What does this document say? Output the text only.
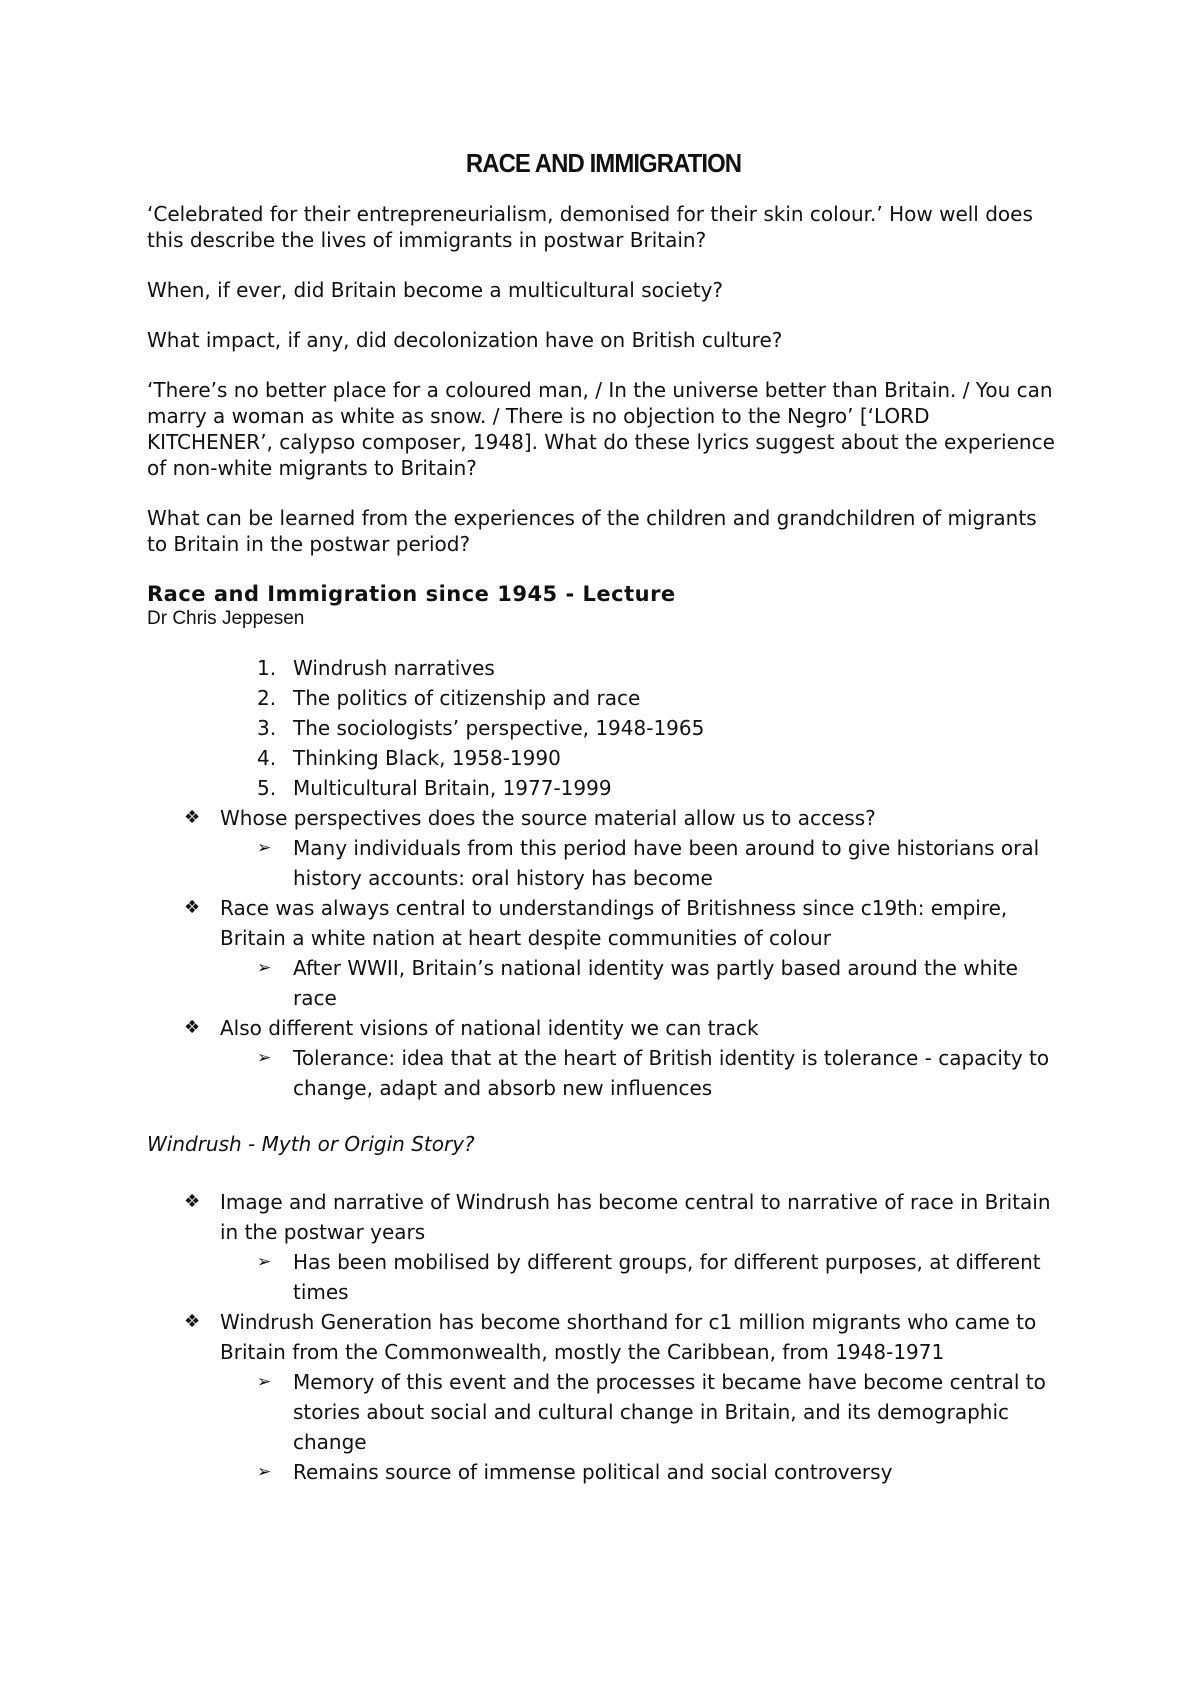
RACE AND IMMIGRATION

‘Celebrated for their entrepreneurialism, demonised for their skin colour.’ How well does this describe the lives of immigrants in postwar Britain?

When, if ever, did Britain become a multicultural society?

What impact, if any, did decolonization have on British culture?

‘There’s no better place for a coloured man, / In the universe better than Britain. / You can marry a woman as white as snow. / There is no objection to the Negro’ [‘LORD KITCHENER’, calypso composer, 1948]. What do these lyrics suggest about the experience of non-white migrants to Britain?

What can be learned from the experiences of the children and grandchildren of migrants to Britain in the postwar period?

Race and Immigration since 1945 - Lecture
Dr Chris Jeppesen
1. Windrush narratives
2. The politics of citizenship and race
3. The sociologists’ perspective, 1948-1965
4. Thinking Black, 1958-1990
5. Multicultural Britain, 1977-1999
❖ Whose perspectives does the source material allow us to access?
➢ Many individuals from this period have been around to give historians oral history accounts: oral history has become
❖ Race was always central to understandings of Britishness since c19th: empire, Britain a white nation at heart despite communities of colour
➢ After WWII, Britain’s national identity was partly based around the white race
❖ Also different visions of national identity we can track
➢ Tolerance: idea that at the heart of British identity is tolerance - capacity to change, adapt and absorb new influences
Windrush - Myth or Origin Story?
❖ Image and narrative of Windrush has become central to narrative of race in Britain in the postwar years
➢ Has been mobilised by different groups, for different purposes, at different times
❖ Windrush Generation has become shorthand for c1 million migrants who came to Britain from the Commonwealth, mostly the Caribbean, from 1948-1971
➢ Memory of this event and the processes it became have become central to stories about social and cultural change in Britain, and its demographic change
➢ Remains source of immense political and social controversy
